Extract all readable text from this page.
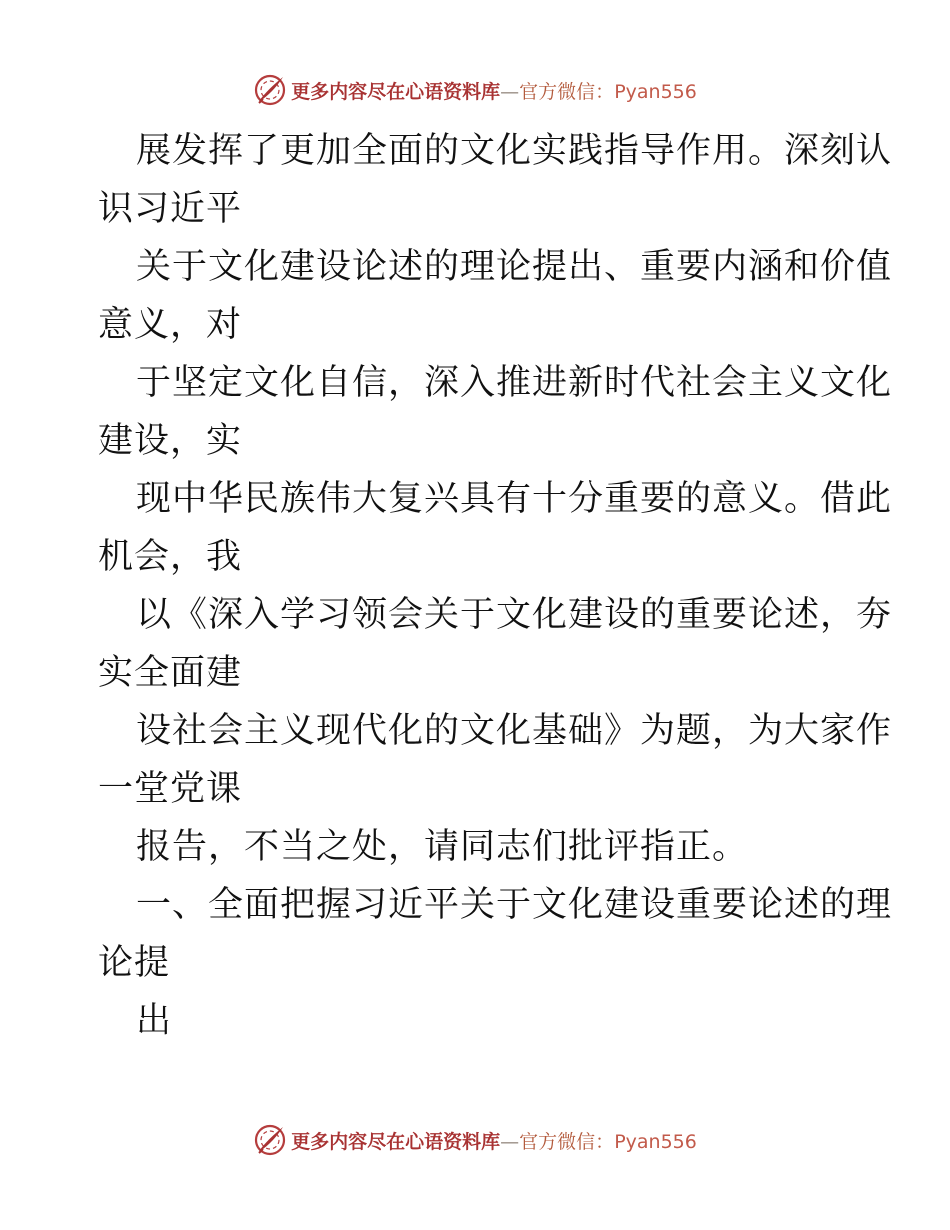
更多内容尽在心语资料库—官方微信：Pyan556
展发挥了更加全面的文化实践指导作用。深刻认
识习近平
关于文化建设论述的理论提出、重要内涵和价值
意义，对
于坚定文化自信，深入推进新时代社会主义文化
建设，实
现中华民族伟大复兴具有十分重要的意义。借此
机会，我
以《深入学习领会关于文化建设的重要论述，夯
实全面建
设社会主义现代化的文化基础》为题，为大家作
一堂党课
报告，不当之处，请同志们批评指正。
一、全面把握习近平关于文化建设重要论述的理
论提
出
更多内容尽在心语资料库—官方微信：Pyan556
